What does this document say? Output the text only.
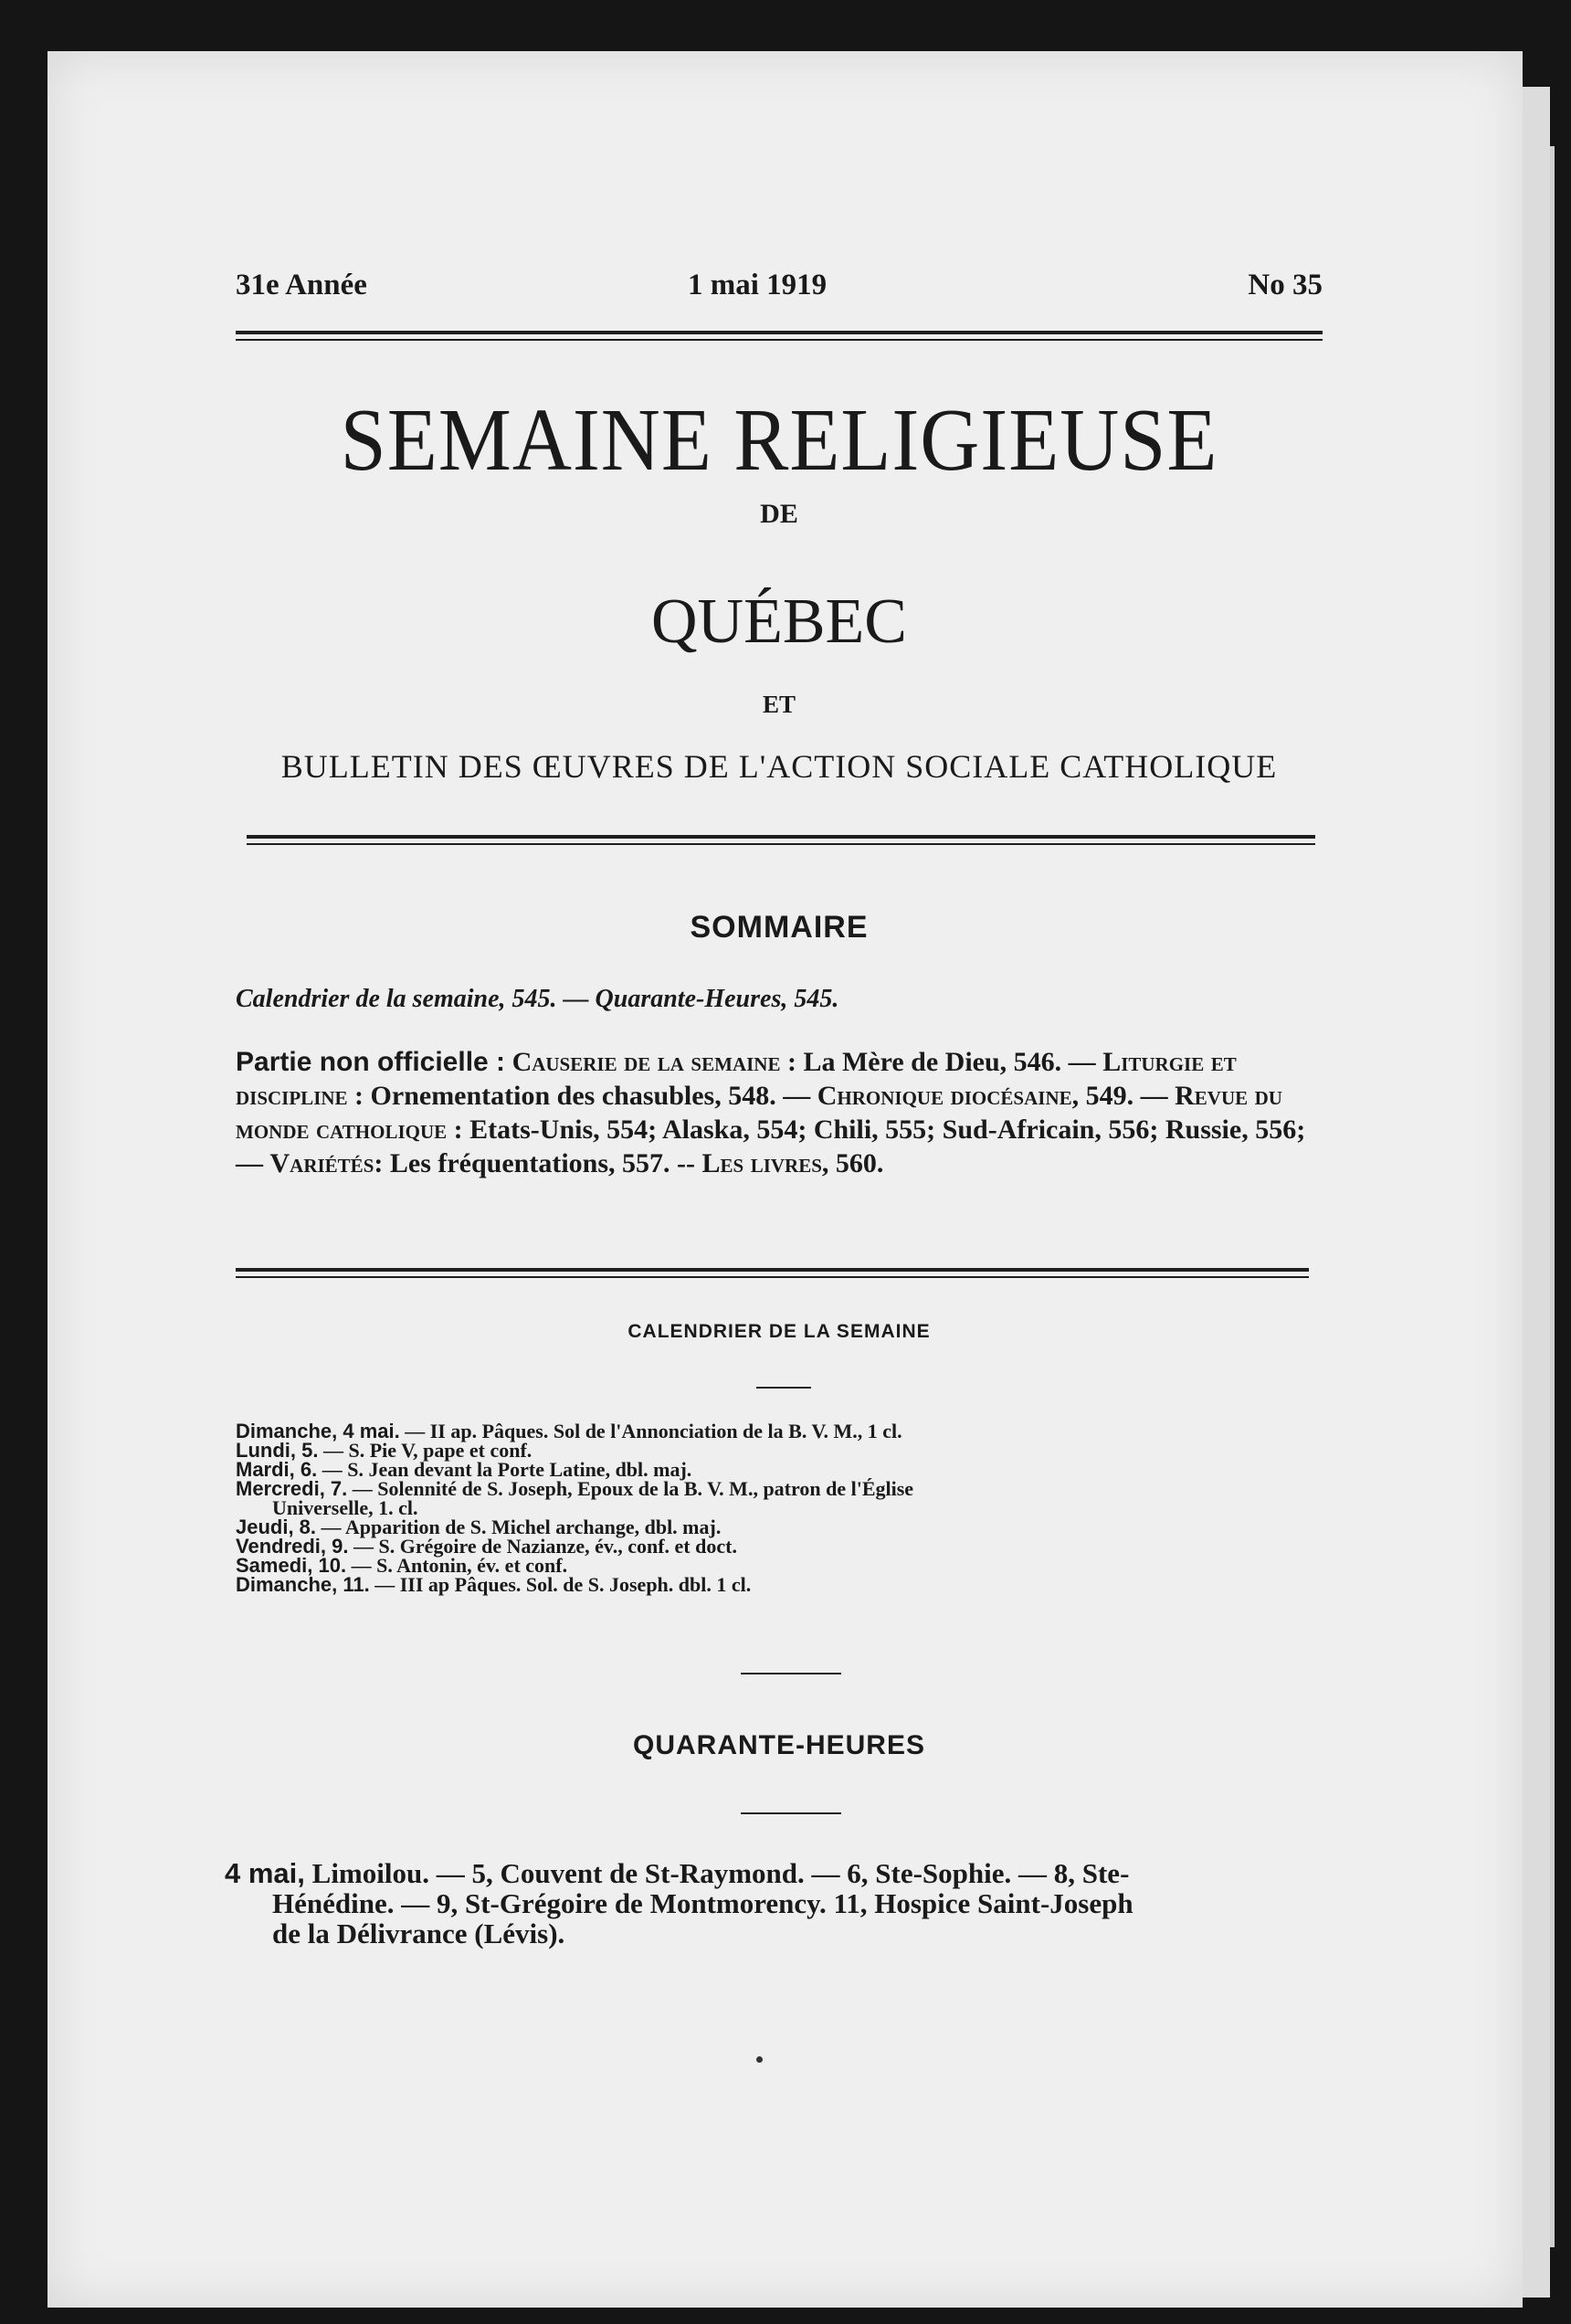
31e Année	1 mai 1919	No 35
SEMAINE RELIGIEUSE
DE
QUÉBEC
ET
BULLETIN DES ŒUVRES DE L'ACTION SOCIALE CATHOLIQUE
SOMMAIRE
Calendrier de la semaine, 545. — Quarante-Heures, 545.
Partie non officielle : Causerie de la semaine : La Mère de Dieu, 546. — Liturgie et discipline : Ornementation des chasubles, 548. — Chronique diocésaine, 549. — Revue du monde catholique : Etats-Unis, 554; Alaska, 554; Chili, 555; Sud-Africain, 556; Russie, 556; — Variétés: Les fréquentations, 557. -- Les livres, 560.
CALENDRIER DE LA SEMAINE
Dimanche, 4 mai. — II ap. Pâques. Sol de l'Annonciation de la B. V. M., 1 cl.
Lundi, 5. — S. Pie V, pape et conf.
Mardi, 6. — S. Jean devant la Porte Latine, dbl. maj.
Mercredi, 7. — Solennité de S. Joseph, Epoux de la B. V. M., patron de l'Église
Universelle, 1. cl.
Jeudi, 8. — Apparition de S. Michel archange, dbl. maj.
Vendredi, 9. — S. Grégoire de Nazianze, év., conf. et doct.
Samedi, 10. — S. Antonin, év. et conf.
Dimanche, 11. — III ap Pâques. Sol. de S. Joseph. dbl. 1 cl.
QUARANTE-HEURES
4 mai, Limoilou. — 5, Couvent de St-Raymond. — 6, Ste-Sophie. — 8, Ste-
Hénédine. — 9, St-Grégoire de Montmorency. 11, Hospice Saint-Joseph
de la Délivrance (Lévis).
